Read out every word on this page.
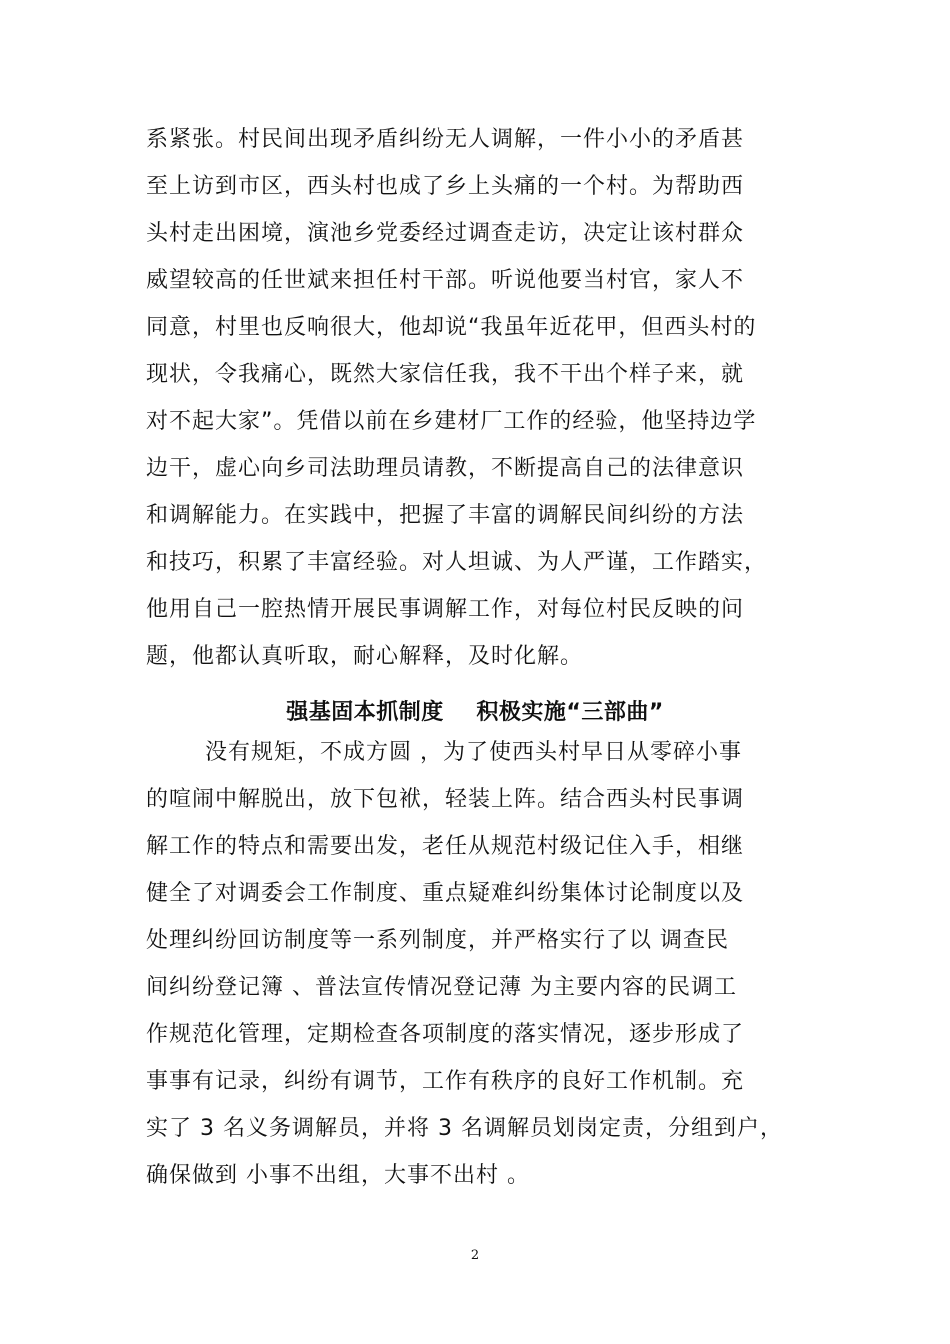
系紧张。村民间出现矛盾纠纷无人调解，一件小小的矛盾甚
至上访到市区，西头村也成了乡上头痛的一个村。为帮助西
头村走出困境，演池乡党委经过调查走访，决定让该村群众
威望较高的任世斌来担任村干部。听说他要当村官，家人不
同意，村里也反响很大，他却说“我虽年近花甲，但西头村的
现状，令我痛心，既然大家信任我，我不干出个样子来，就
对不起大家”。凭借以前在乡建材厂工作的经验，他坚持边学
边干，虚心向乡司法助理员请教，不断提高自己的法律意识
和调解能力。在实践中，把握了丰富的调解民间纠纷的方法
和技巧，积累了丰富经验。对人坦诚、为人严谨，工作踏实，
他用自己一腔热情开展民事调解工作，对每位村民反映的问
题，他都认真听取，耐心解释，及时化解。
强基固本抓制度    积极实施“三部曲”
没有规矩，不成方圆 ，为了使西头村早日从零碎小事
的喧闹中解脱出，放下包袱，轻装上阵。结合西头村民事调
解工作的特点和需要出发，老任从规范村级记住入手，相继
健全了对调委会工作制度、重点疑难纠纷集体讨论制度以及
处理纠纷回访制度等一系列制度，并严格实行了以 调查民
间纠纷登记簿 、普法宣传情况登记薄 为主要内容的民调工
作规范化管理，定期检查各项制度的落实情况，逐步形成了
事事有记录，纠纷有调节，工作有秩序的良好工作机制。充
实了 3 名义务调解员，并将 3 名调解员划岗定责，分组到户，
确保做到 小事不出组，大事不出村 。
2
